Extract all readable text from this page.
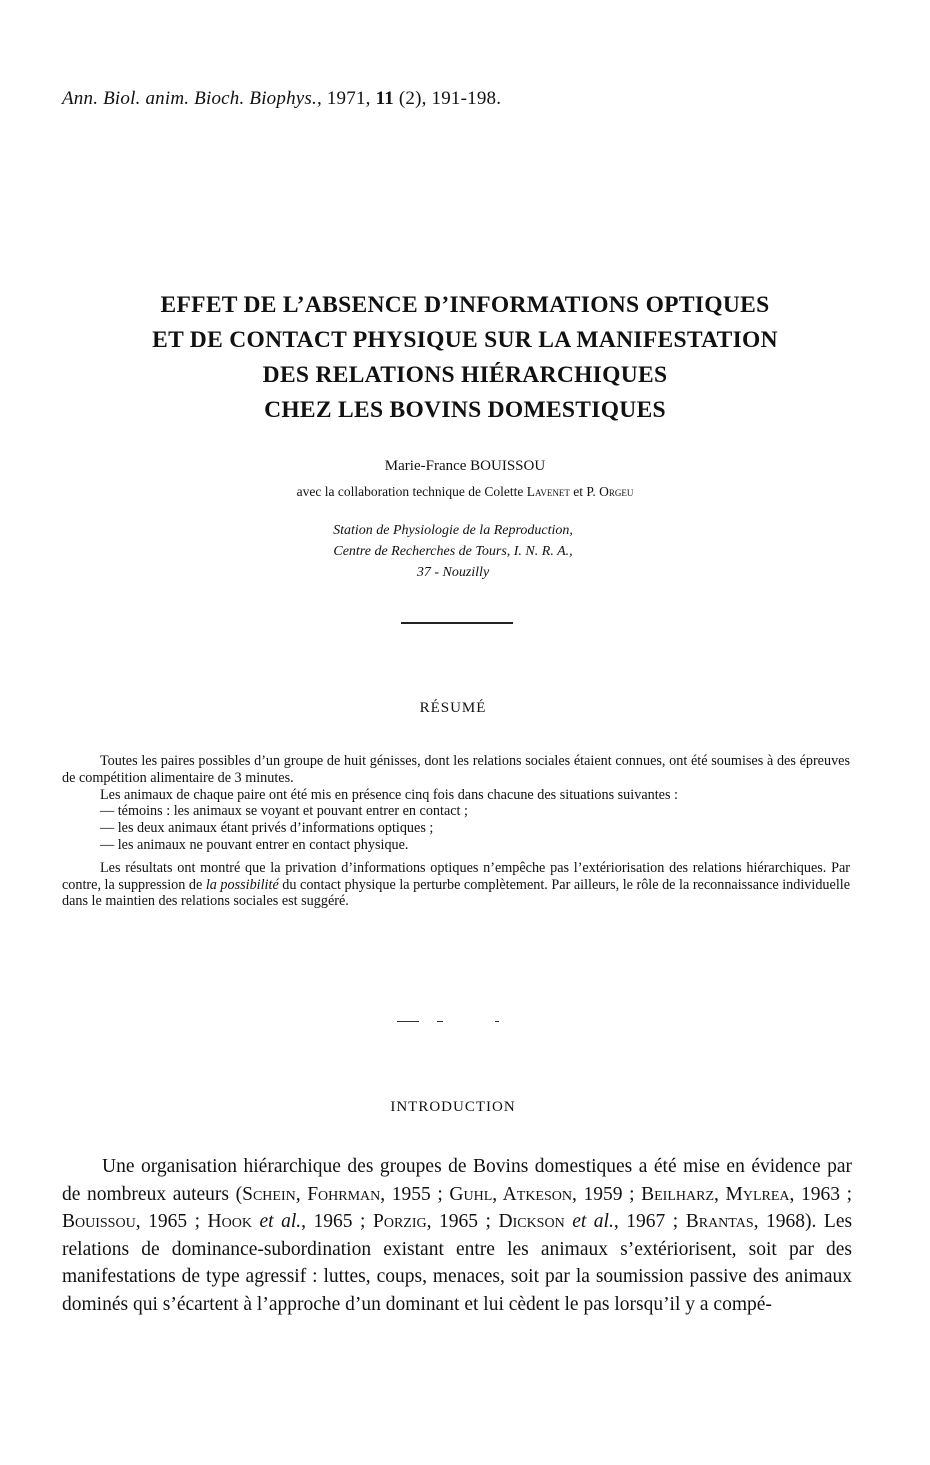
Ann. Biol. anim. Bioch. Biophys., 1971, 11 (2), 191-198.
EFFET DE L’ABSENCE D’INFORMATIONS OPTIQUES
ET DE CONTACT PHYSIQUE SUR LA MANIFESTATION
DES RELATIONS HIÉRARCHIQUES
CHEZ LES BOVINS DOMESTIQUES
Marie-France BOUISSOU
avec la collaboration technique de Colette Lavenet et P. Orgeu
Station de Physiologie de la Reproduction,
Centre de Recherches de Tours, I. N. R. A.,
37 - Nouzilly
RÉSUMÉ

Toutes les paires possibles d’un groupe de huit génisses, dont les relations sociales étaient connues, ont été soumises à des épreuves de compétition alimentaire de 3 minutes.

Les animaux de chaque paire ont été mis en présence cinq fois dans chacune des situations suivantes :

— témoins : les animaux se voyant et pouvant entrer en contact ;

— les deux animaux étant privés d’informations optiques ;

— les animaux ne pouvant entrer en contact physique.

Les résultats ont montré que la privation d’informations optiques n’empêche pas l’extériorisation des relations hiérarchiques. Par contre, la suppression de la possibilité du contact physique la perturbe complètement. Par ailleurs, le rôle de la reconnaissance individuelle dans le maintien des relations sociales est suggéré.

INTRODUCTION

Une organisation hiérarchique des groupes de Bovins domestiques a été mise en évidence par de nombreux auteurs (Schein, Fohrman, 1955 ; Guhl, Atkeson, 1959 ; Beilharz, Mylrea, 1963 ; Bouissou, 1965 ; Hook et al., 1965 ; Porzig, 1965 ; Dickson et al., 1967 ; Brantas, 1968). Les relations de dominance-subordination existant entre les animaux s’extériorisent, soit par des manifestations de type agressif : luttes, coups, menaces, soit par la soumission passive des animaux dominés qui s’écartent à l’approche d’un dominant et lui cèdent le pas lorsqu’il y a compé-
